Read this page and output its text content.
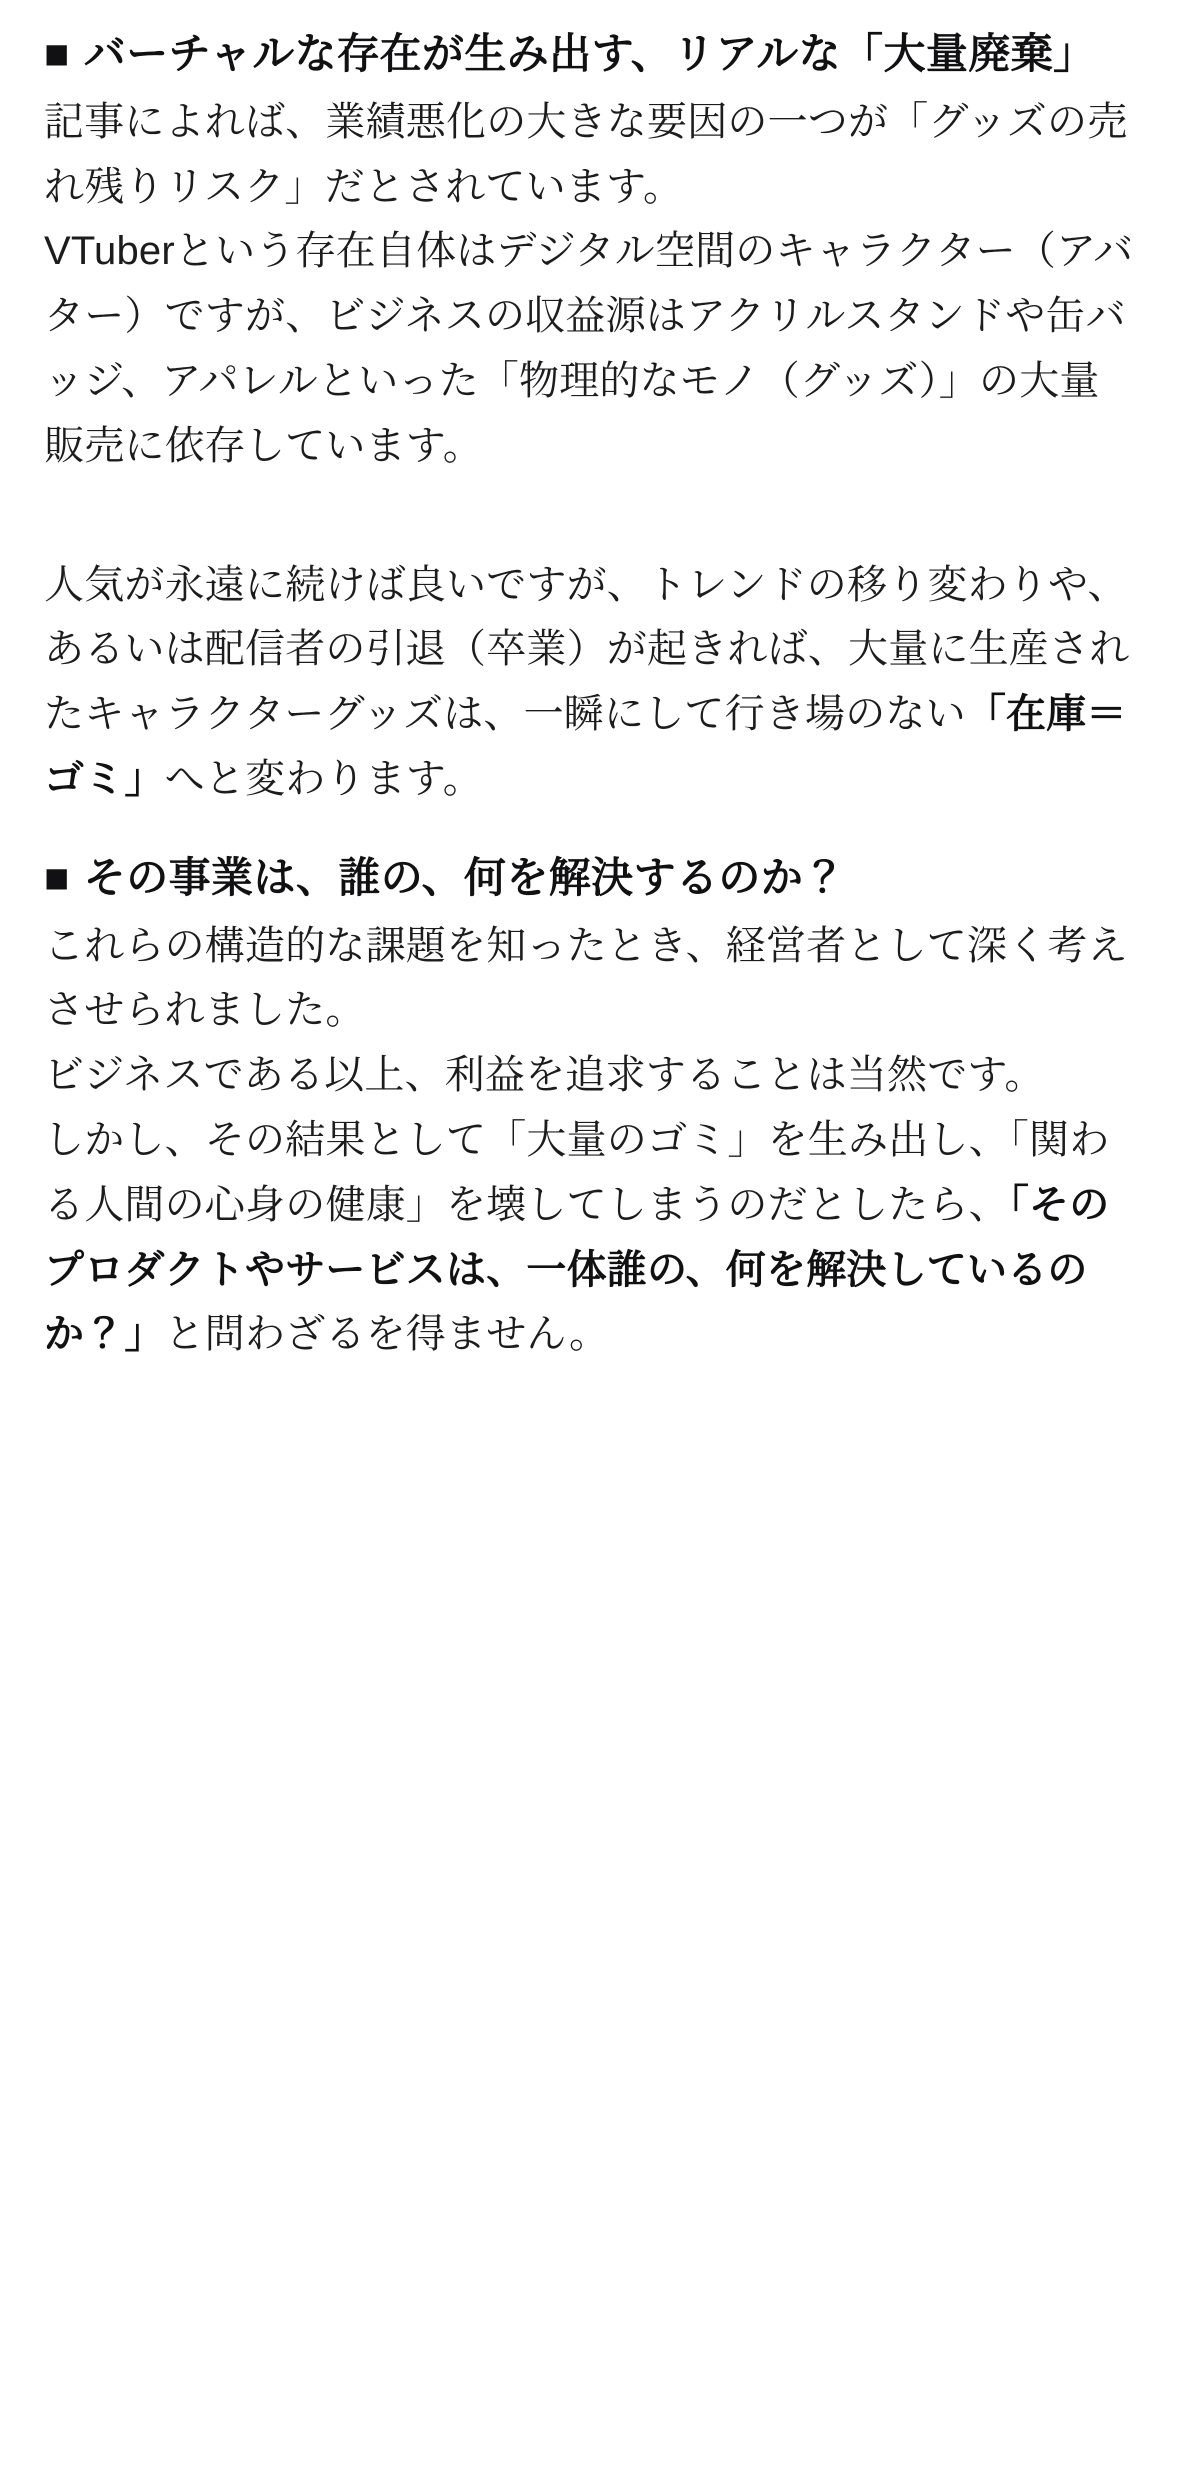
■ バーチャルな存在が生み出す、リアルな「大量廃棄」

記事によれば、業績悪化の大きな要因の一つが「グッズの売れ残りリスク」だとされています。

VTuberという存在自体はデジタル空間のキャラクター（アバター）ですが、ビジネスの収益源はアクリルスタンドや缶バッジ、アパレルといった「物理的なモノ（グッズ）」の大量販売に依存しています。

人気が永遠に続けば良いですが、トレンドの移り変わりや、あるいは配信者の引退（卒業）が起きれば、大量に生産されたキャラクターグッズは、一瞬にして行き場のない「在庫＝ゴミ」へと変わります。

■ その事業は、誰の、何を解決するのか？

これらの構造的な課題を知ったとき、経営者として深く考えさせられました。

ビジネスである以上、利益を追求することは当然です。

しかし、その結果として「大量のゴミ」を生み出し、「関わる人間の心身の健康」を壊してしまうのだとしたら、「そのプロダクトやサービスは、一体誰の、何を解決しているのか？」と問わざるを得ません。
